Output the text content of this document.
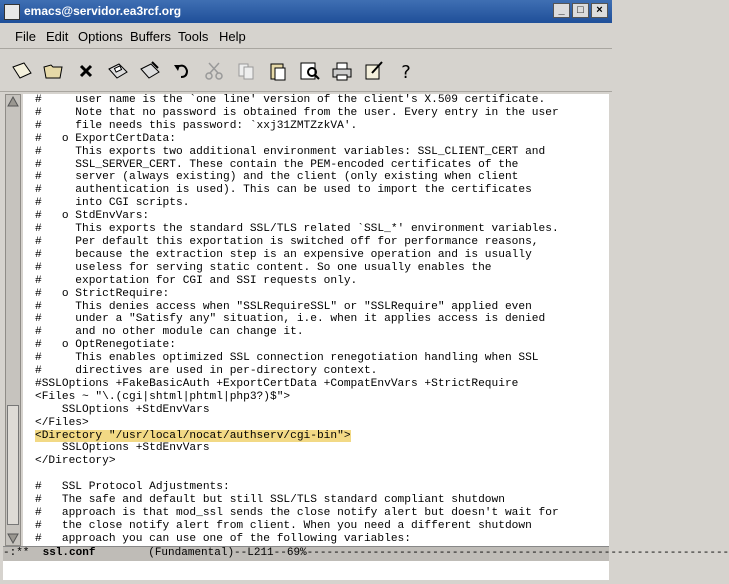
emacs@servidor.ea3rcf.org	_	□	×
File Edit Options Buffers Tools Help
?
#     user name is the `one line' version of the client's X.509 certificate.
#     Note that no password is obtained from the user. Every entry in the user
#     file needs this password: `xxj31ZMTZzkVA'.
#   o ExportCertData:
#     This exports two additional environment variables: SSL_CLIENT_CERT and
#     SSL_SERVER_CERT. These contain the PEM-encoded certificates of the
#     server (always existing) and the client (only existing when client
#     authentication is used). This can be used to import the certificates
#     into CGI scripts.
#   o StdEnvVars:
#     This exports the standard SSL/TLS related `SSL_*' environment variables.
#     Per default this exportation is switched off for performance reasons,
#     because the extraction step is an expensive operation and is usually
#     useless for serving static content. So one usually enables the
#     exportation for CGI and SSI requests only.
#   o StrictRequire:
#     This denies access when "SSLRequireSSL" or "SSLRequire" applied even
#     under a "Satisfy any" situation, i.e. when it applies access is denied
#     and no other module can change it.
#   o OptRenegotiate:
#     This enables optimized SSL connection renegotiation handling when SSL
#     directives are used in per-directory context.
#SSLOptions +FakeBasicAuth +ExportCertData +CompatEnvVars +StrictRequire
<Files ~ "\.(cgi|shtml|phtml|php3?)$">
SSLOptions +StdEnvVars
</Files>
<Directory "/usr/local/nocat/authserv/cgi-bin">
SSLOptions +StdEnvVars
</Directory>

#   SSL Protocol Adjustments:
#   The safe and default but still SSL/TLS standard compliant shutdown
#   approach is that mod_ssl sends the close notify alert but doesn't wait for
#   the close notify alert from client. When you need a different shutdown
#   approach you can use one of the following variables:
-:** ssl.conf	(Fundamental)--L211--69%----------------------------------------------------------------
